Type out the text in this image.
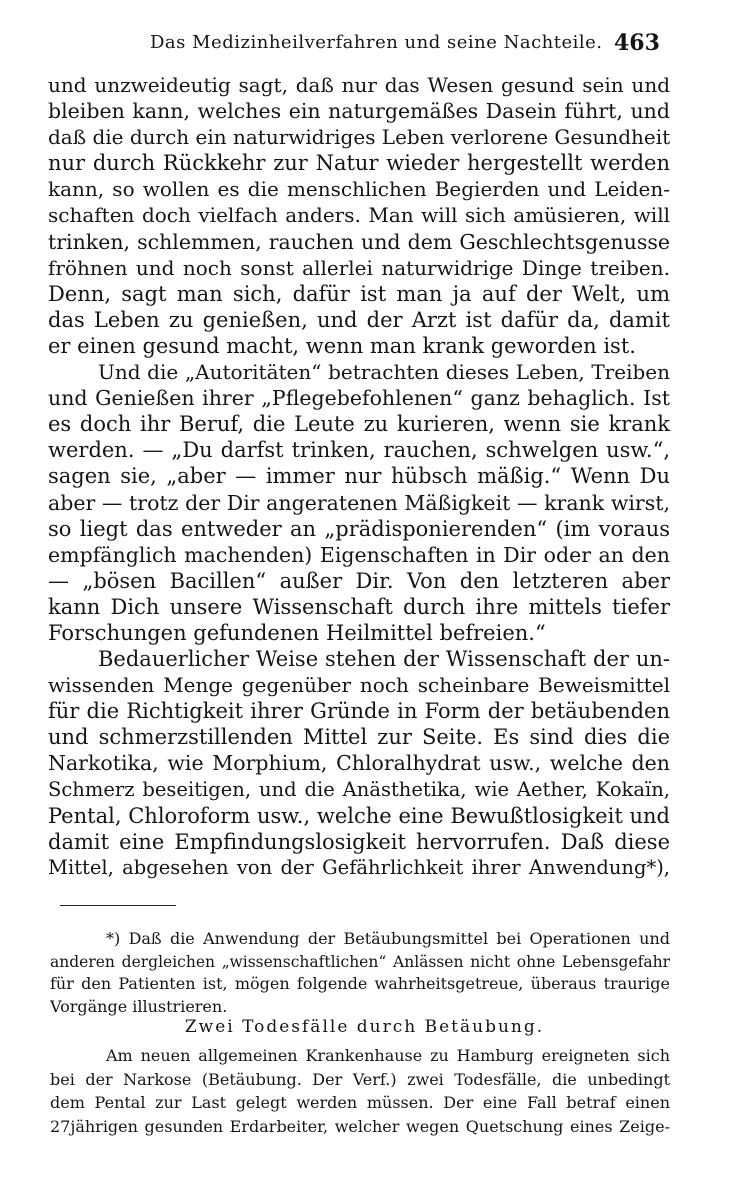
Das Medizinheilverfahren und seine Nachteile. 463
und unzweideutig sagt, daß nur das Wesen gesund sein und
bleiben kann, welches ein naturgemäßes Dasein führt, und
daß die durch ein naturwidriges Leben verlorene Gesundheit
nur durch Rückkehr zur Natur wieder hergestellt werden
kann, so wollen es die menschlichen Begierden und Leiden-
schaften doch vielfach anders. Man will sich amüsieren, will
trinken, schlemmen, rauchen und dem Geschlechtsgenusse
fröhnen und noch sonst allerlei naturwidrige Dinge treiben.
Denn, sagt man sich, dafür ist man ja auf der Welt, um
das Leben zu genießen, und der Arzt ist dafür da, damit
er einen gesund macht, wenn man krank geworden ist.
Und die „Autoritäten“ betrachten dieses Leben, Treiben
und Genießen ihrer „Pflegebefohlenen“ ganz behaglich. Ist
es doch ihr Beruf, die Leute zu kurieren, wenn sie krank
werden. — „Du darfst trinken, rauchen, schwelgen usw.“,
sagen sie, „aber — immer nur hübsch mäßig.“ Wenn Du
aber — trotz der Dir angeratenen Mäßigkeit — krank wirst,
so liegt das entweder an „prädisponierenden“ (im voraus
empfänglich machenden) Eigenschaften in Dir oder an den
— „bösen Bacillen“ außer Dir. Von den letzteren aber
kann Dich unsere Wissenschaft durch ihre mittels tiefer
Forschungen gefundenen Heilmittel befreien.“
Bedauerlicher Weise stehen der Wissenschaft der un-
wissenden Menge gegenüber noch scheinbare Beweismittel
für die Richtigkeit ihrer Gründe in Form der betäubenden
und schmerzstillenden Mittel zur Seite. Es sind dies die
Narkotika, wie Morphium, Chloralhydrat usw., welche den
Schmerz beseitigen, und die Anästhetika, wie Aether, Kokaïn,
Pental, Chloroform usw., welche eine Bewußtlosigkeit und
damit eine Empfindungslosigkeit hervorrufen. Daß diese
Mittel, abgesehen von der Gefährlichkeit ihrer Anwendung*),
*) Daß die Anwendung der Betäubungsmittel bei Operationen und
anderen dergleichen „wissenschaftlichen“ Anlässen nicht ohne Lebensgefahr
für den Patienten ist, mögen folgende wahrheitsgetreue, überaus traurige
Vorgänge illustrieren.
Zwei Todesfälle durch Betäubung.
Am neuen allgemeinen Krankenhause zu Hamburg ereigneten sich
bei der Narkose (Betäubung. Der Verf.) zwei Todesfälle, die unbedingt
dem Pental zur Last gelegt werden müssen. Der eine Fall betraf einen
27jährigen gesunden Erdarbeiter, welcher wegen Quetschung eines Zeige-
